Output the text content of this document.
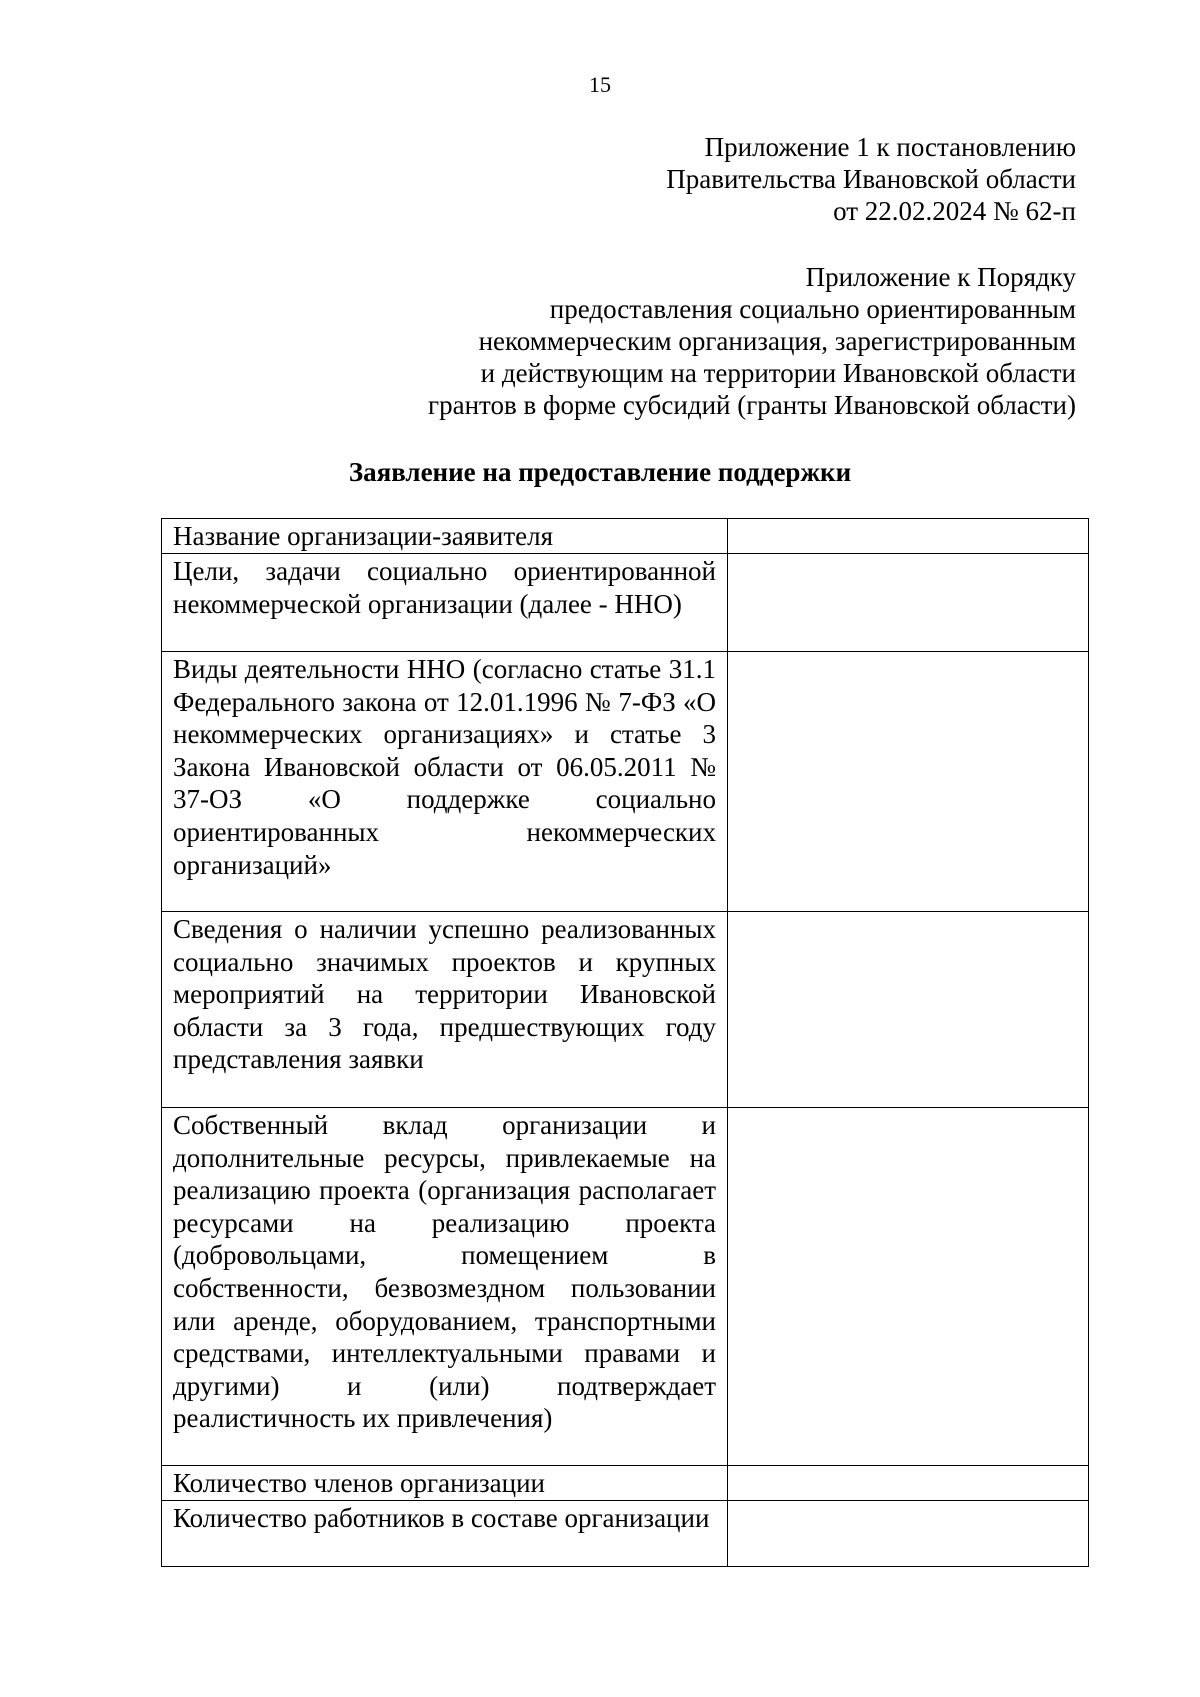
15
Приложение 1 к постановлению
Правительства Ивановской области
от 22.02.2024 № 62-п
Приложение к Порядку
предоставления социально ориентированным
некоммерческим организация, зарегистрированным
и действующим на территории Ивановской области
грантов в форме субсидий (гранты Ивановской области)
Заявление на предоставление поддержки
Название организации-заявителя	
Цели, задачи социально ориентированной некоммерческой организации (далее - ННО)	
Виды деятельности ННО (согласно статье 31.1 Федерального закона от 12.01.1996 № 7-ФЗ «О некоммерческих организациях» и статье 3 Закона Ивановской области от 06.05.2011 № 37-ОЗ «О поддержке социально ориентированных некоммерческих организаций»	
Сведения о наличии успешно реализованных социально значимых проектов и крупных мероприятий на территории Ивановской области за 3 года, предшествующих году представления заявки	
Собственный вклад организации и дополнительные ресурсы, привлекаемые на реализацию проекта (организация располагает ресурсами на реализацию проекта (добровольцами, помещением в собственности, безвозмездном пользовании или аренде, оборудованием, транспортными средствами, интеллектуальными правами и другими) и (или) подтверждает реалистичность их привлечения)	
Количество членов организации	
Количество работников в составе организации	
